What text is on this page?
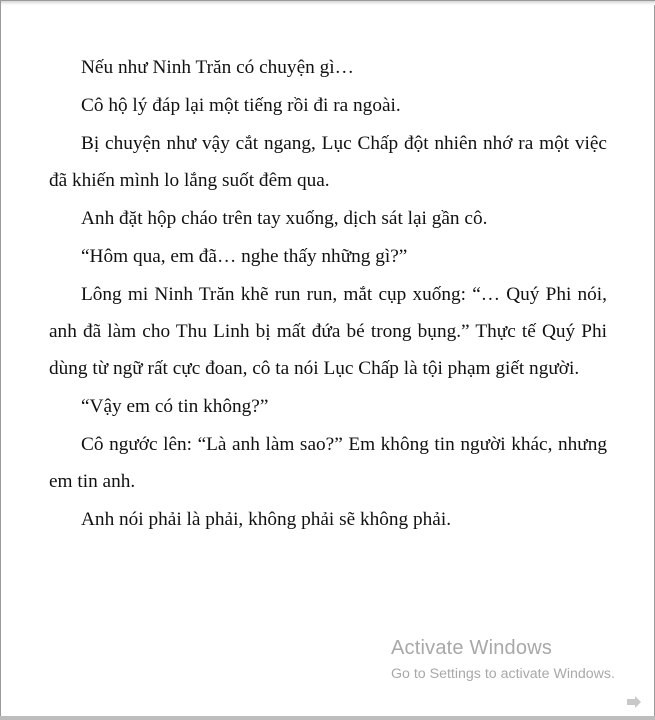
Nếu như Ninh Trăn có chuyện gì…

Cô hộ lý đáp lại một tiếng rồi đi ra ngoài.

Bị chuyện như vậy cắt ngang, Lục Chấp đột nhiên nhớ ra một việc đã khiến mình lo lắng suốt đêm qua.

Anh đặt hộp cháo trên tay xuống, dịch sát lại gần cô.

“Hôm qua, em đã… nghe thấy những gì?”

Lông mi Ninh Trăn khẽ run run, mắt cụp xuống: “… Quý Phi nói, anh đã làm cho Thu Linh bị mất đứa bé trong bụng.” Thực tế Quý Phi dùng từ ngữ rất cực đoan, cô ta nói Lục Chấp là tội phạm giết người.

“Vậy em có tin không?”

Cô ngước lên: “Là anh làm sao?” Em không tin người khác, nhưng em tin anh.

Anh nói phải là phải, không phải sẽ không phải.

Activate Windows
Go to Settings to activate Windows.
